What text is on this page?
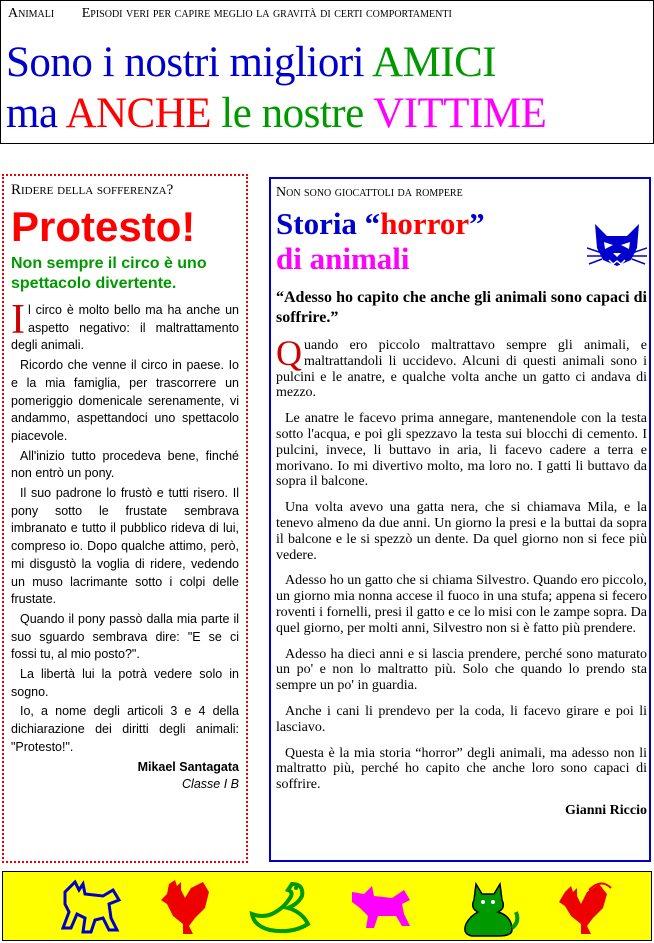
Animali Episodi veri per capire meglio la gravità di certi comportamenti
Sono i nostri migliori AMICI
ma ANCHE le nostre VITTIME
Ridere della sofferenza?
Protesto!
Non sempre il circo è uno spettacolo divertente.

Il circo è molto bello ma ha anche un aspetto negativo: il maltrattamento degli animali.

Ricordo che venne il circo in paese. Io e la mia famiglia, per trascorrere un pomeriggio domenicale serenamente, vi andammo, aspettandoci uno spettacolo piacevole.

All'inizio tutto procedeva bene, finché non entrò un pony.

Il suo padrone lo frustò e tutti risero. Il pony sotto le frustate sembrava imbranato e tutto il pubblico rideva di lui, compreso io. Dopo qualche attimo, però, mi disgustò la voglia di ridere, vedendo un muso lacrimante sotto i colpi delle frustate.

Quando il pony passò dalla mia parte il suo sguardo sembrava dire: "E se ci fossi tu, al mio posto?".

La libertà lui la potrà vedere solo in sogno.

Io, a nome degli articoli 3 e 4 della dichiarazione dei diritti degli animali: "Protesto!".

Mikael Santagata
Classe I B
Non sono giocattoli da rompere
Storia “horror”
di animali
“Adesso ho capito che anche gli animali sono capaci di soffrire.”

Quando ero piccolo maltrattavo sempre gli animali, e maltrattandoli li uccidevo. Alcuni di questi animali sono i pulcini e le anatre, e qualche volta anche un gatto ci andava di mezzo.

Le anatre le facevo prima annegare, mantenendole con la testa sotto l'acqua, e poi gli spezzavo la testa sui blocchi di cemento. I pulcini, invece, li buttavo in aria, li facevo cadere a terra e morivano. Io mi divertivo molto, ma loro no. I gatti li buttavo da sopra il balcone.

Una volta avevo una gatta nera, che si chiamava Mila, e la tenevo almeno da due anni. Un giorno la presi e la buttai da sopra il balcone e le si spezzò un dente. Da quel giorno non si fece più vedere.

Adesso ho un gatto che si chiama Silvestro. Quando ero piccolo, un giorno mia nonna accese il fuoco in una stufa; appena si fecero roventi i fornelli, presi il gatto e ce lo misi con le zampe sopra. Da quel giorno, per molti anni, Silvestro non si è fatto più prendere.

Adesso ha dieci anni e si lascia prendere, perché sono maturato un po' e non lo maltratto più. Solo che quando lo prendo sta sempre un po' in guardia.

Anche i cani li prendevo per la coda, li facevo girare e poi li lasciavo.

Questa è la mia storia “horror” degli animali, ma adesso non li maltratto più, perché ho capito che anche loro sono capaci di soffrire.

Gianni Riccio
